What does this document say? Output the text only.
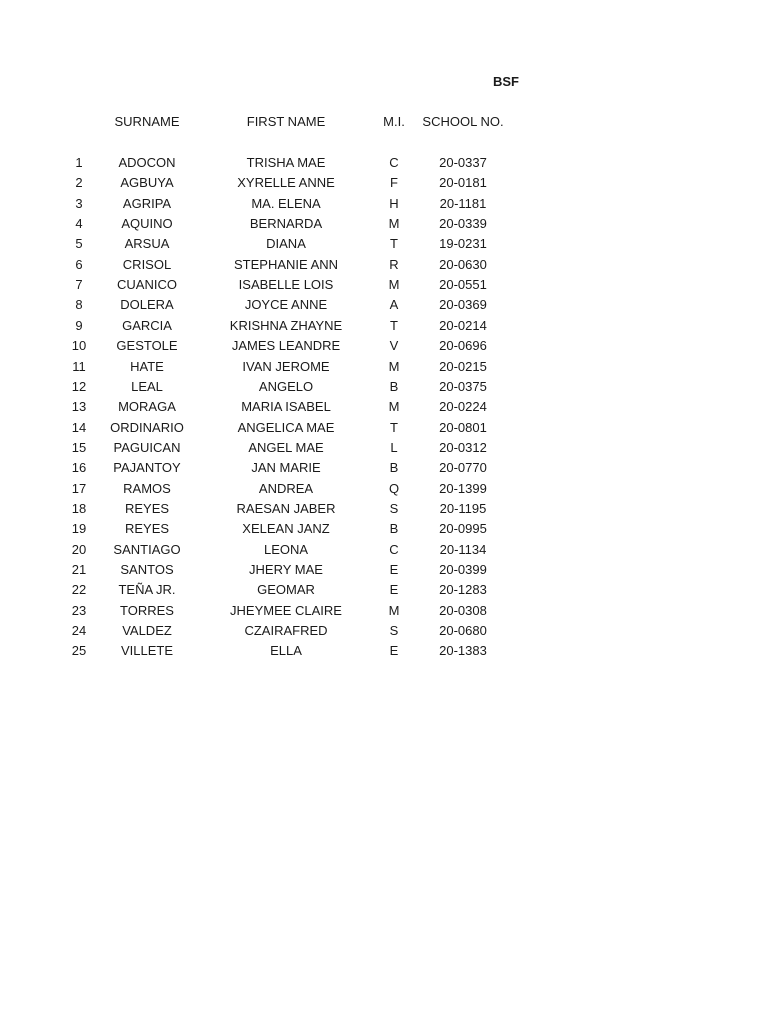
BSF
SURNAME	FIRST NAME	M.I. SCHOOL NO.
1	ADOCON	TRISHA MAE	C	20-0337
2	AGBUYA	XYRELLE ANNE	F	20-0181
3	AGRIPA	MA. ELENA	H	20-1181
4	AQUINO	BERNARDA	M	20-0339
5	ARSUA	DIANA	T	19-0231
6	CRISOL	STEPHANIE ANN	R	20-0630
7	CUANICO	ISABELLE LOIS	M	20-0551
8	DOLERA	JOYCE ANNE	A	20-0369
9	GARCIA	KRISHNA ZHAYNE	T	20-0214
10 GESTOLE	JAMES LEANDRE	V	20-0696
11	HATE	IVAN JEROME	M	20-0215
12	LEAL	ANGELO	B	20-0375
13 MORAGA	MARIA ISABEL	M	20-0224
14 ORDINARIO	ANGELICA MAE	T	20-0801
15 PAGUICAN	ANGEL MAE	L	20-0312
16 PAJANTOY	JAN MARIE	B	20-0770
17	RAMOS	ANDREA	Q	20-1399
18	REYES	RAESAN JABER	S	20-1195
19	REYES	XELEAN JANZ	B	20-0995
20 SANTIAGO	LEONA	C	20-1134
21	SANTOS	JHERY MAE	E	20-0399
22 TEÑA JR.	GEOMAR	E	20-1283
23	TORRES	JHEYMEE CLAIRE	M	20-0308
24	VALDEZ	CZAIRAFRED	S	20-0680
25	VILLETE	ELLA	E	20-1383
